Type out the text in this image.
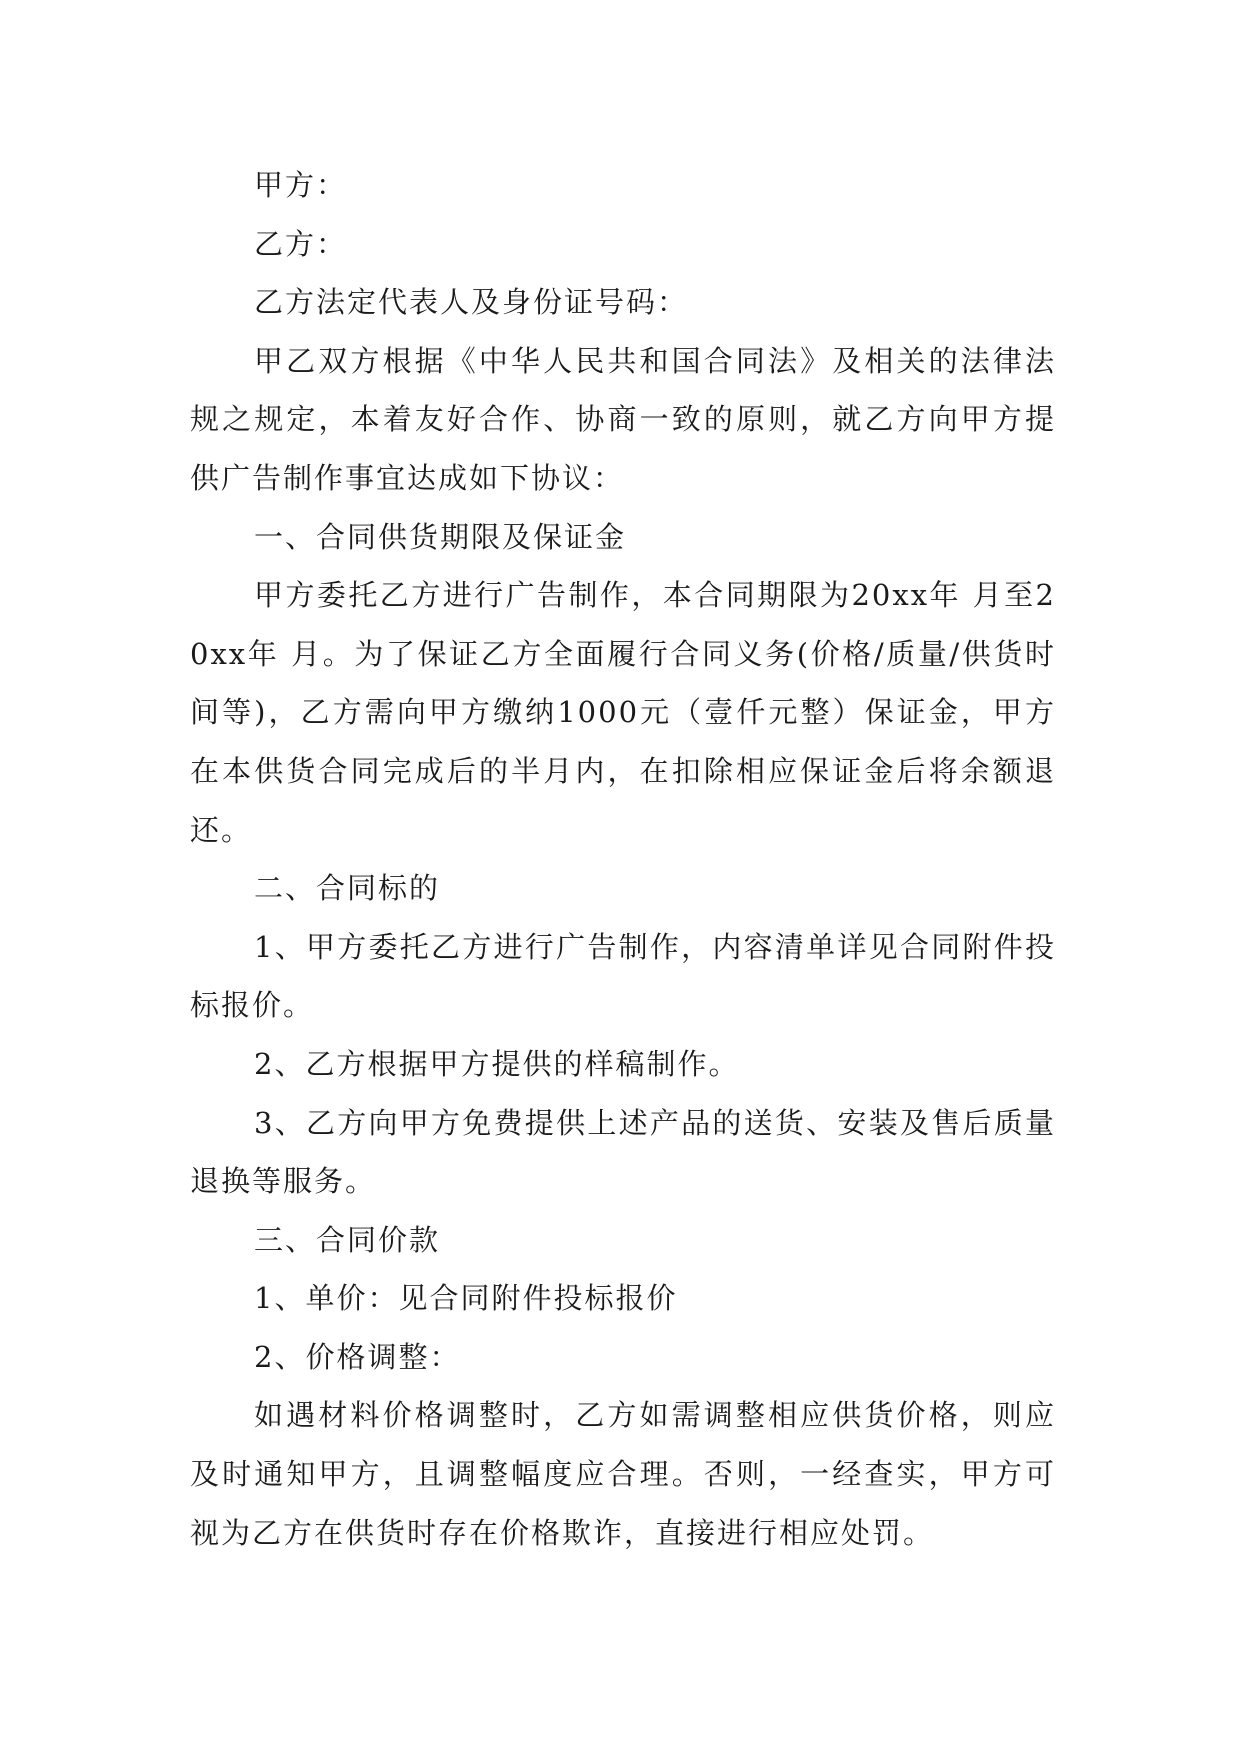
甲方：

乙方：

乙方法定代表人及身份证号码：

甲乙双方根据《中华人民共和国合同法》及相关的法律法规之规定，本着友好合作、协商一致的原则，就乙方向甲方提供广告制作事宜达成如下协议：

一、合同供货期限及保证金

甲方委托乙方进行广告制作，本合同期限为20xx年 月至20xx年 月。为了保证乙方全面履行合同义务(价格/质量/供货时间等)，乙方需向甲方缴纳1000元（壹仟元整）保证金，甲方在本供货合同完成后的半月内，在扣除相应保证金后将余额退还。

二、合同标的

1、甲方委托乙方进行广告制作，内容清单详见合同附件投标报价。

2、乙方根据甲方提供的样稿制作。

3、乙方向甲方免费提供上述产品的送货、安装及售后质量退换等服务。

三、合同价款

1、单价：见合同附件投标报价

2、价格调整：

如遇材料价格调整时，乙方如需调整相应供货价格，则应及时通知甲方，且调整幅度应合理。否则，一经查实，甲方可视为乙方在供货时存在价格欺诈，直接进行相应处罚。
